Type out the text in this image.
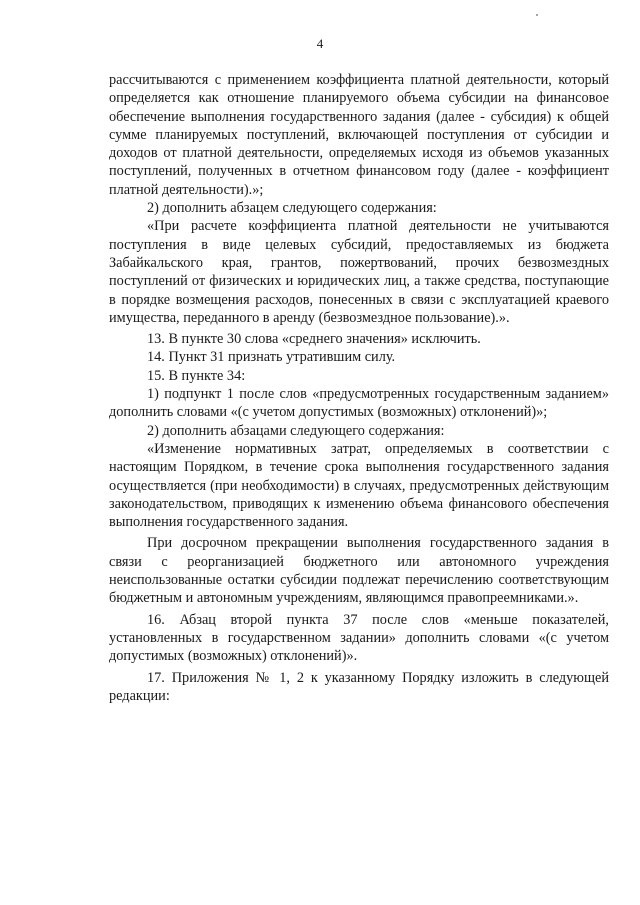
4

рассчитываются с применением коэффициента платной деятельности, который определяется как отношение планируемого объема субсидии на финансовое обеспечение выполнения государственного задания (далее - субсидия) к общей сумме планируемых поступлений, включающей поступления от субсидии и доходов от платной деятельности, определяемых исходя из объемов указанных поступлений, полученных в отчетном финансовом году (далее - коэффициент платной деятельности).»;

2) дополнить абзацем следующего содержания:

«При расчете коэффициента платной деятельности не учитываются поступления в виде целевых субсидий, предоставляемых из бюджета Забайкальского края, грантов, пожертвований, прочих безвозмездных поступлений от физических и юридических лиц, а также средства, поступающие в порядке возмещения расходов, понесенных в связи с эксплуатацией краевого имущества, переданного в аренду (безвозмездное пользование).».

13. В пункте 30 слова «среднего значения» исключить.

14. Пункт 31 признать утратившим силу.

15. В пункте 34:

1) подпункт 1 после слов «предусмотренных государственным заданием» дополнить словами «(с учетом допустимых (возможных) отклонений)»;

2) дополнить абзацами следующего содержания:

«Изменение нормативных затрат, определяемых в соответствии с настоящим Порядком, в течение срока выполнения государственного задания осуществляется (при необходимости) в случаях, предусмотренных действующим законодательством, приводящих к изменению объема финансового обеспечения выполнения государственного задания.

При досрочном прекращении выполнения государственного задания в связи с реорганизацией бюджетного или автономного учреждения неиспользованные остатки субсидии подлежат перечислению соответствующим бюджетным и автономным учреждениям, являющимся правопреемниками.».

16. Абзац второй пункта 37 после слов «меньше показателей, установленных в государственном задании» дополнить словами «(с учетом допустимых (возможных) отклонений)».

17. Приложения № 1, 2 к указанному Порядку изложить в следующей редакции:
